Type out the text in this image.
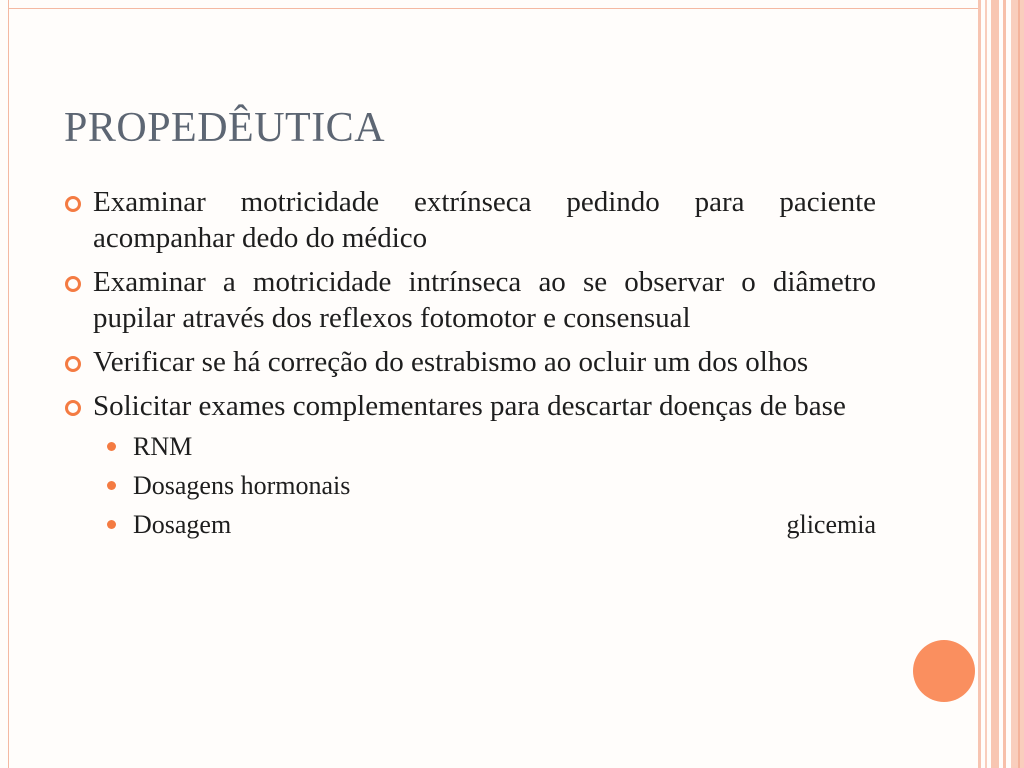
PROPEDÊUTICA
Examinar motricidade extrínseca pedindo para paciente acompanhar dedo do médico
Examinar a motricidade intrínseca ao se observar o diâmetro pupilar através dos reflexos fotomotor e consensual
Verificar se há correção do estrabismo ao ocluir um dos olhos
Solicitar exames complementares para descartar doenças de base
RNM
Dosagens hormonais
Dosagem	glicemia
